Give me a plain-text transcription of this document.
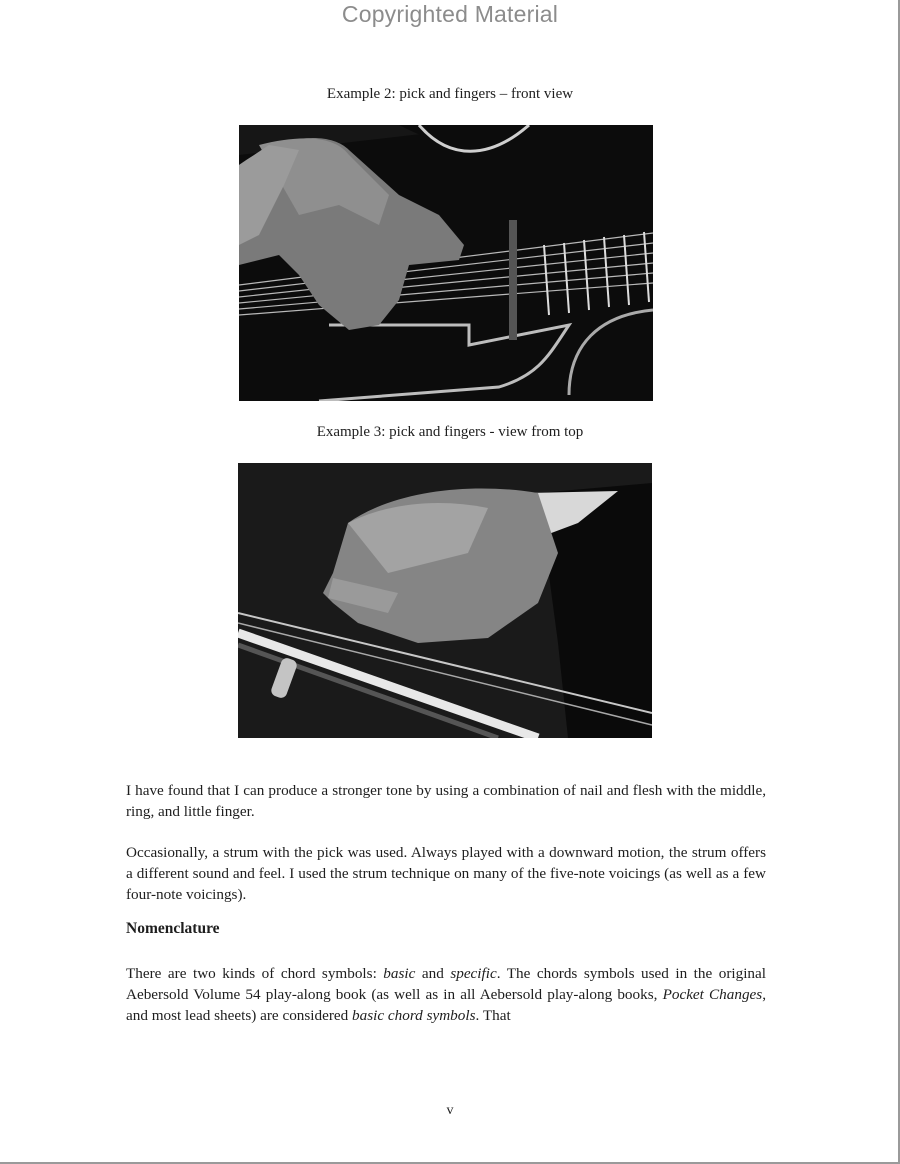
Copyrighted Material
Example 2: pick and fingers – front view
Example 3: pick and fingers - view from top

I have found that I can produce a stronger tone by using a combination of nail and flesh with the middle, ring, and little finger.

Occasionally, a strum with the pick was used. Always played with a downward motion, the strum offers a different sound and feel. I used the strum technique on many of the five-note voicings (as well as a few four-note voicings).

Nomenclature

There are two kinds of chord symbols: basic and specific. The chords symbols used in the original Aebersold Volume 54 play-along book (as well as in all Aebersold play-along books, Pocket Changes, and most lead sheets) are considered basic chord symbols. That

v
